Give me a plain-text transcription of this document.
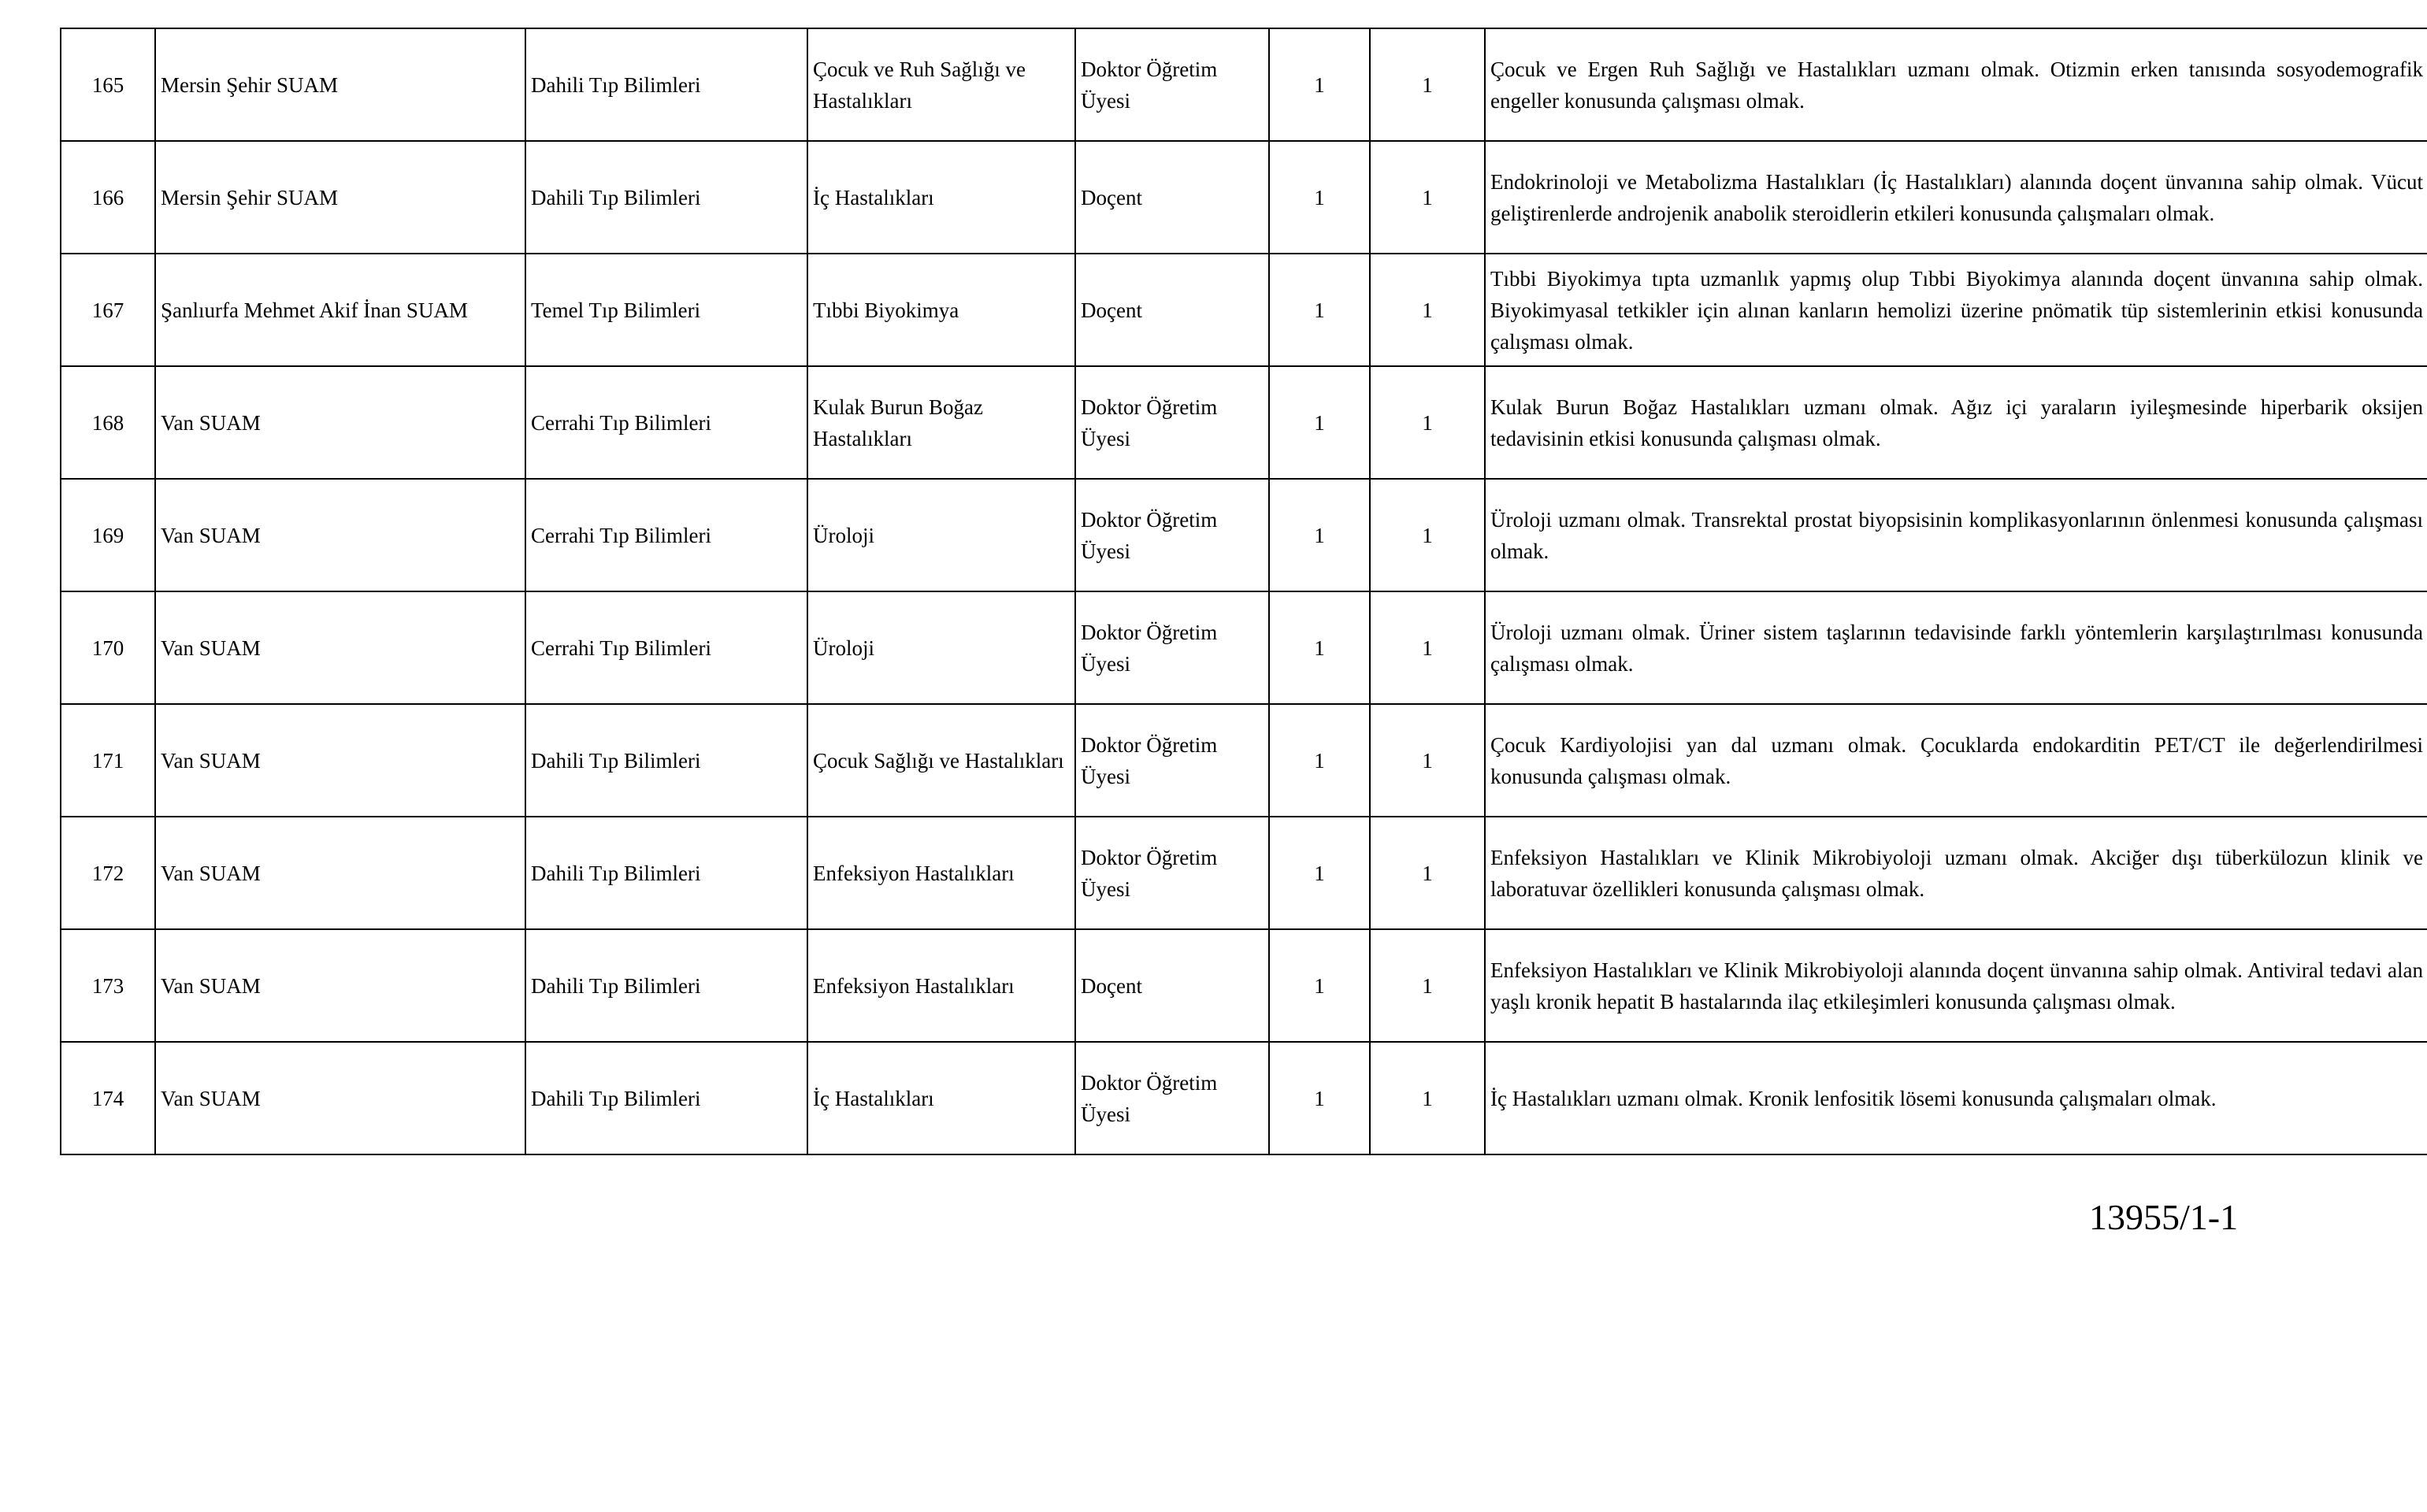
165	Mersin Şehir SUAM	Dahili Tıp Bilimleri	Çocuk ve Ruh Sağlığı ve Hastalıkları	Doktor Öğretim Üyesi	1	1	Çocuk ve Ergen Ruh Sağlığı ve Hastalıkları uzmanı olmak. Otizmin erken tanısında sosyodemografik engeller konusunda çalışması olmak.
166	Mersin Şehir SUAM	Dahili Tıp Bilimleri	İç Hastalıkları	Doçent	1	1	Endokrinoloji ve Metabolizma Hastalıkları (İç Hastalıkları) alanında doçent ünvanına sahip olmak. Vücut geliştirenlerde androjenik anabolik steroidlerin etkileri konusunda çalışmaları olmak.
167	Şanlıurfa Mehmet Akif İnan SUAM	Temel Tıp Bilimleri	Tıbbi Biyokimya	Doçent	1	1	Tıbbi Biyokimya tıpta uzmanlık yapmış olup Tıbbi Biyokimya alanında doçent ünvanına sahip olmak. Biyokimyasal tetkikler için alınan kanların hemolizi üzerine pnömatik tüp sistemlerinin etkisi konusunda çalışması olmak.
168	Van SUAM	Cerrahi Tıp Bilimleri	Kulak Burun Boğaz Hastalıkları	Doktor Öğretim Üyesi	1	1	Kulak Burun Boğaz Hastalıkları uzmanı olmak. Ağız içi yaraların iyileşmesinde hiperbarik oksijen tedavisinin etkisi konusunda çalışması olmak.
169	Van SUAM	Cerrahi Tıp Bilimleri	Üroloji	Doktor Öğretim Üyesi	1	1	Üroloji uzmanı olmak. Transrektal prostat biyopsisinin komplikasyonlarının önlenmesi konusunda çalışması olmak.
170	Van SUAM	Cerrahi Tıp Bilimleri	Üroloji	Doktor Öğretim Üyesi	1	1	Üroloji uzmanı olmak. Üriner sistem taşlarının tedavisinde farklı yöntemlerin karşılaştırılması konusunda çalışması olmak.
171	Van SUAM	Dahili Tıp Bilimleri	Çocuk Sağlığı ve Hastalıkları	Doktor Öğretim Üyesi	1	1	Çocuk Kardiyolojisi yan dal uzmanı olmak. Çocuklarda endokarditin PET/CT ile değerlendirilmesi konusunda çalışması olmak.
172	Van SUAM	Dahili Tıp Bilimleri	Enfeksiyon Hastalıkları	Doktor Öğretim Üyesi	1	1	Enfeksiyon Hastalıkları ve Klinik Mikrobiyoloji uzmanı olmak. Akciğer dışı tüberkülozun klinik ve laboratuvar özellikleri konusunda çalışması olmak.
173	Van SUAM	Dahili Tıp Bilimleri	Enfeksiyon Hastalıkları	Doçent	1	1	Enfeksiyon Hastalıkları ve Klinik Mikrobiyoloji alanında doçent ünvanına sahip olmak. Antiviral tedavi alan yaşlı kronik hepatit B hastalarında ilaç etkileşimleri konusunda çalışması olmak.
174	Van SUAM	Dahili Tıp Bilimleri	İç Hastalıkları	Doktor Öğretim Üyesi	1	1	İç Hastalıkları uzmanı olmak. Kronik lenfositik lösemi konusunda çalışmaları olmak.
13955/1-1
